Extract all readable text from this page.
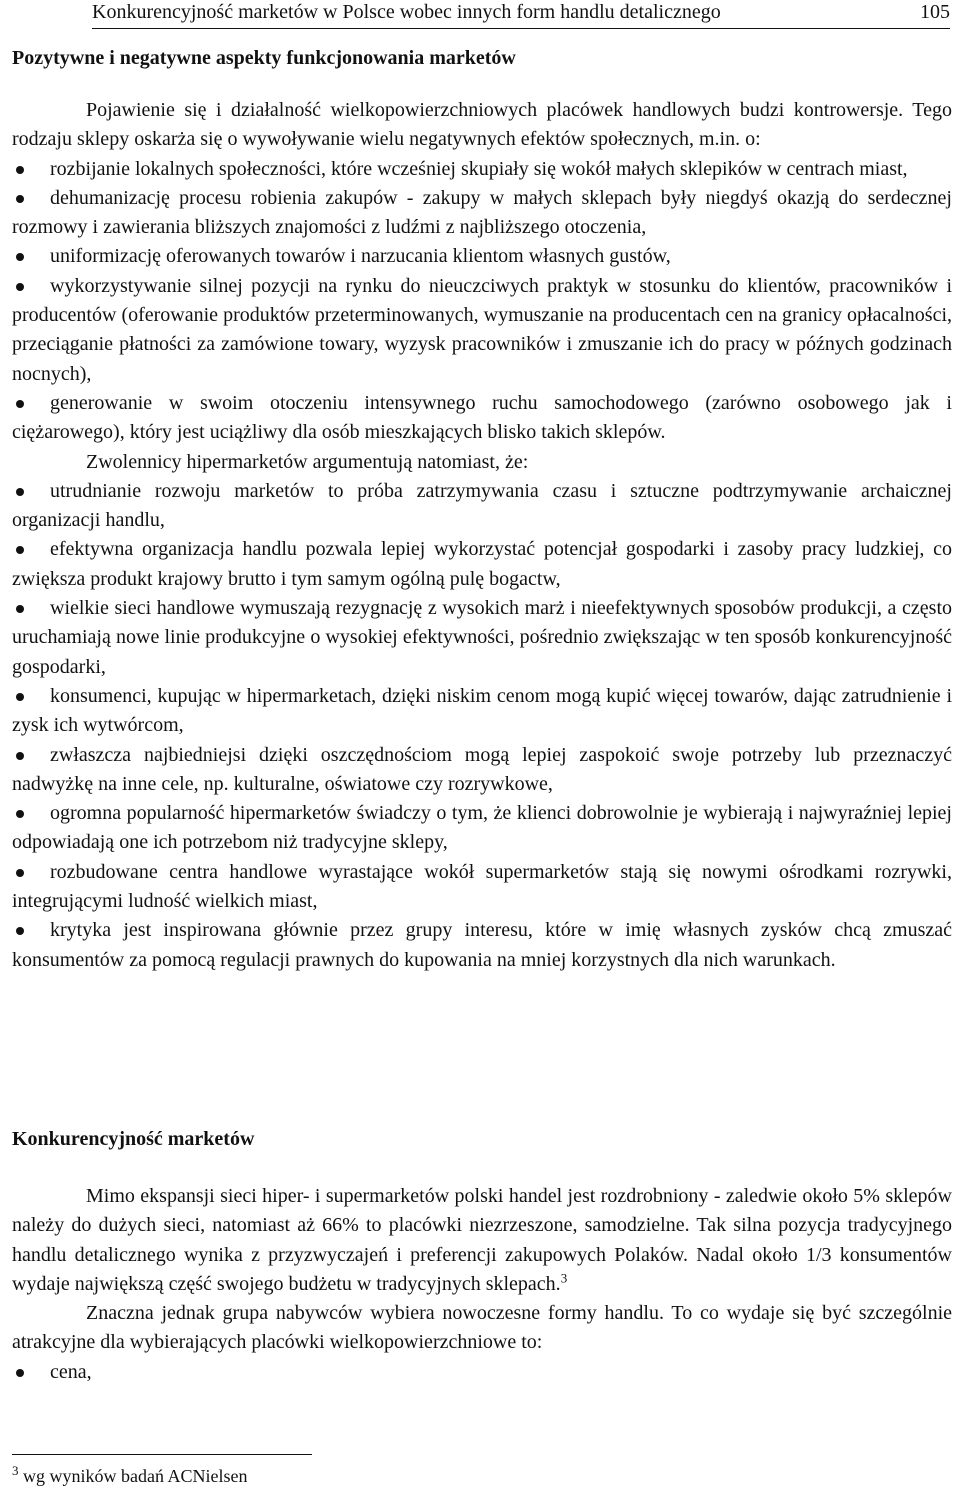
Konkurencyjność marketów w Polsce wobec innych form handlu detalicznego	105
Pozytywne i negatywne aspekty funkcjonowania marketów

Pojawienie się i działalność wielkopowierzchniowych placówek handlowych budzi kontrowersje. Tego rodzaju sklepy oskarża się o wywoływanie wielu negatywnych efektów społecznych, m.in. o:

rozbijanie lokalnych społeczności, które wcześniej skupiały się wokół małych sklepików w centrach miast,

dehumanizację procesu robienia zakupów - zakupy w małych sklepach były niegdyś okazją do serdecznej rozmowy i zawierania bliższych znajomości z ludźmi z najbliższego otoczenia,

uniformizację oferowanych towarów i narzucania klientom własnych gustów,

wykorzystywanie silnej pozycji na rynku do nieuczciwych praktyk w stosunku do klientów, pracowników i producentów (oferowanie produktów przeterminowanych, wymuszanie na producentach cen na granicy opłacalności, przeciąganie płatności za zamówione towary, wyzysk pracowników i zmuszanie ich do pracy w późnych godzinach nocnych),

generowanie w swoim otoczeniu intensywnego ruchu samochodowego (zarówno osobowego jak i ciężarowego), który jest uciążliwy dla osób mieszkających blisko takich sklepów.

Zwolennicy hipermarketów argumentują natomiast, że:

utrudnianie rozwoju marketów to próba zatrzymywania czasu i sztuczne podtrzymywanie archaicznej organizacji handlu,

efektywna organizacja handlu pozwala lepiej wykorzystać potencjał gospodarki i zasoby pracy ludzkiej, co zwiększa produkt krajowy brutto i tym samym ogólną pulę bogactw,

wielkie sieci handlowe wymuszają rezygnację z wysokich marż i nieefektywnych sposobów produkcji, a często uruchamiają nowe linie produkcyjne o wysokiej efektywności, pośrednio zwiększając w ten sposób konkurencyjność gospodarki,

konsumenci, kupując w hipermarketach, dzięki niskim cenom mogą kupić więcej towarów, dając zatrudnienie i zysk ich wytwórcom,

zwłaszcza najbiedniejsi dzięki oszczędnościom mogą lepiej zaspokoić swoje potrzeby lub przeznaczyć nadwyżkę na inne cele, np. kulturalne, oświatowe czy rozrywkowe,

ogromna popularność hipermarketów świadczy o tym, że klienci dobrowolnie je wybierają i najwyraźniej lepiej odpowiadają one ich potrzebom niż tradycyjne sklepy,

rozbudowane centra handlowe wyrastające wokół supermarketów stają się nowymi ośrodkami rozrywki, integrującymi ludność wielkich miast,

krytyka jest inspirowana głównie przez grupy interesu, które w imię własnych zysków chcą zmuszać konsumentów za pomocą regulacji prawnych do kupowania na mniej korzystnych dla nich warunkach.

Konkurencyjność marketów

Mimo ekspansji sieci hiper- i supermarketów polski handel jest rozdrobniony - zaledwie około 5% sklepów należy do dużych sieci, natomiast aż 66% to placówki niezrzeszone, samodzielne. Tak silna pozycja tradycyjnego handlu detalicznego wynika z przyzwyczajeń i preferencji zakupowych Polaków. Nadal około 1/3 konsumentów wydaje największą część swojego budżetu w tradycyjnych sklepach.$^3$

Znaczna jednak grupa nabywców wybiera nowoczesne formy handlu. To co wydaje się być szczególnie atrakcyjne dla wybierających placówki wielkopowierzchniowe to:

cena,

$^3$ wg wyników badań ACNielsen
